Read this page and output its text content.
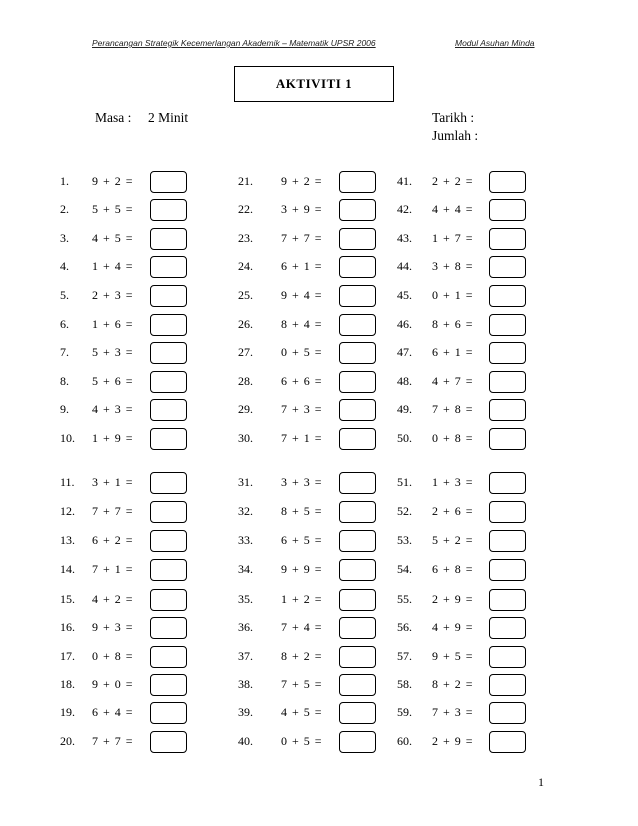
Perancangan Strategik Kecemerlangan Akademik – Matematik UPSR 2006	Modul Asuhan Minda
AKTIVITI 1
Masa : 2 Minit	Tarikh :
Jumlah :
1. 9 + 2 =
2. 5 + 5 =
3. 4 + 5 =
4. 1 + 4 =
5. 2 + 3 =
6. 1 + 6 =
7. 5 + 3 =
8. 5 + 6 =
9. 4 + 3 =
10. 1 + 9 =
11. 3 + 1 =
12. 7 + 7 =
13. 6 + 2 =
14. 7 + 1 =
15. 4 + 2 =
16. 9 + 3 =
17. 0 + 8 =
18. 9 + 0 =
19. 6 + 4 =
20. 7 + 7 =
21. 9 + 2 =
22. 3 + 9 =
23. 7 + 7 =
24. 6 + 1 =
25. 9 + 4 =
26. 8 + 4 =
27. 0 + 5 =
28. 6 + 6 =
29. 7 + 3 =
30. 7 + 1 =
31. 3 + 3 =
32. 8 + 5 =
33. 6 + 5 =
34. 9 + 9 =
35. 1 + 2 =
36. 7 + 4 =
37. 8 + 2 =
38. 7 + 5 =
39. 4 + 5 =
40. 0 + 5 =
41. 2 + 2 =
42. 4 + 4 =
43. 1 + 7 =
44. 3 + 8 =
45. 0 + 1 =
46. 8 + 6 =
47. 6 + 1 =
48. 4 + 7 =
49. 7 + 8 =
50. 0 + 8 =
51. 1 + 3 =
52. 2 + 6 =
53. 5 + 2 =
54. 6 + 8 =
55. 2 + 9 =
56. 4 + 9 =
57. 9 + 5 =
58. 8 + 2 =
59. 7 + 3 =
60. 2 + 9 =
1
